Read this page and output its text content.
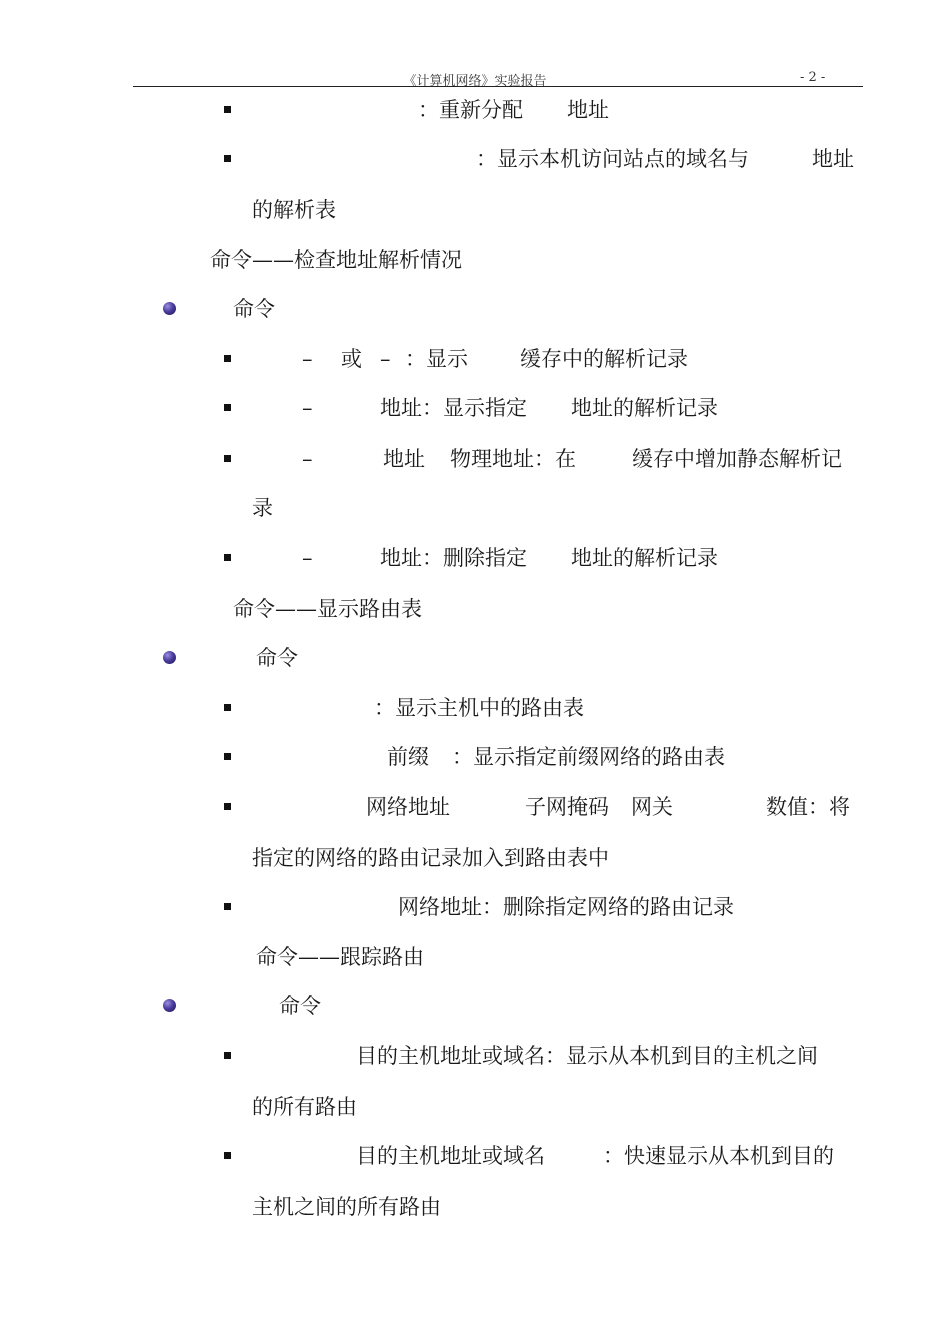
《计算机网络》实验报告	- 2 -
：重新分配 地址
：显示本机访问站点的域名与	地址
的解析表
命令——检查地址解析情况
命令
– 或 – ：显示 缓存中的解析记录
–	地址：显示指定 地址的解析记录
–	地址 物理地址：在	缓存中增加静态解析记
录
–	地址：删除指定 地址的解析记录
命令——显示路由表
命令
：显示主机中的路由表
前缀 ：显示指定前缀网络的路由表
网络地址	子网掩码 网关	数值：将
指定的网络的路由记录加入到路由表中
网络地址：删除指定网络的路由记录
命令——跟踪路由
命令
目的主机地址或域名：显示从本机到目的主机之间
的所有路由
目的主机地址或域名	：快速显示从本机到目的
主机之间的所有路由
